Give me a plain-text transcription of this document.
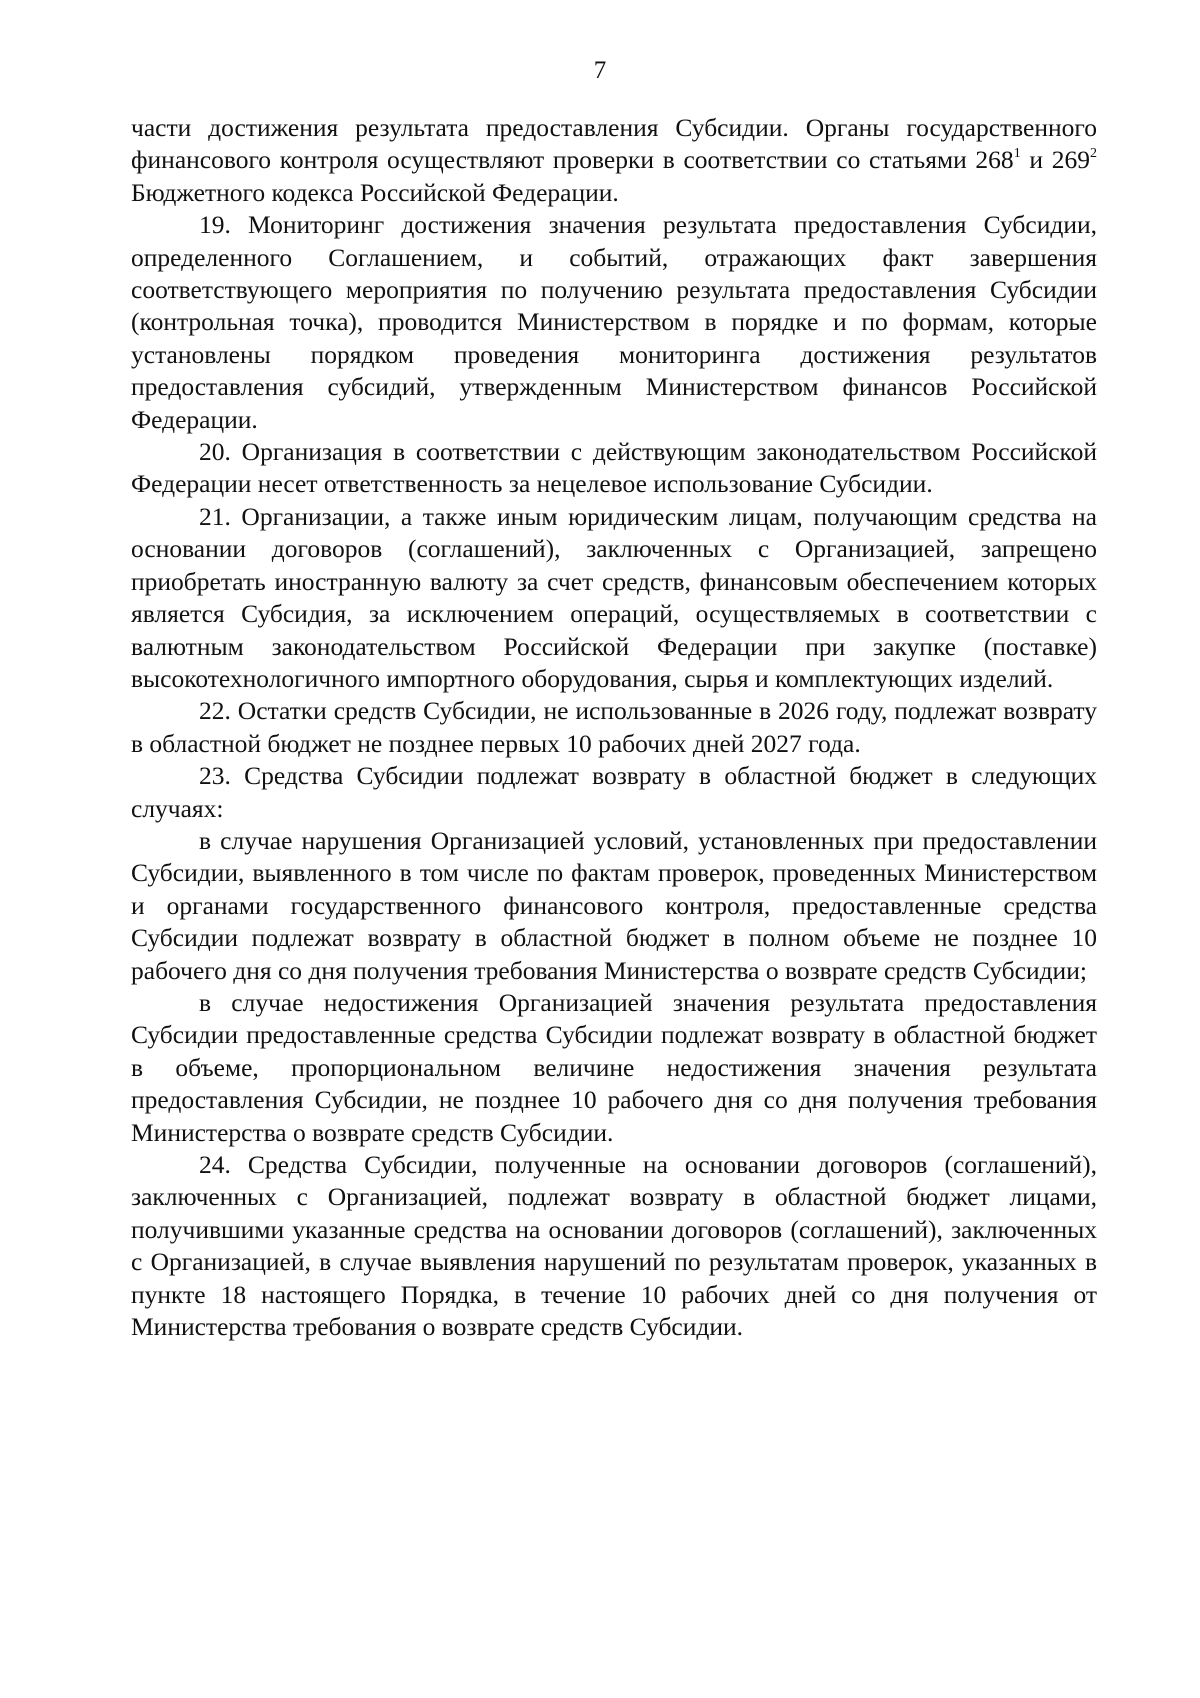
7

части достижения результата предоставления Субсидии. Органы государственного финансового контроля осуществляют проверки в соответствии со статьями $268^1$ и $269^2$ Бюджетного кодекса Российской Федерации.

19. Мониторинг достижения значения результата предоставления Субсидии, определенного Соглашением, и событий, отражающих факт завершения соответствующего мероприятия по получению результата предоставления Субсидии (контрольная точка), проводится Министерством в порядке и по формам, которые установлены порядком проведения мониторинга достижения результатов предоставления субсидий, утвержденным Министерством финансов Российской Федерации.

20. Организация в соответствии с действующим законодательством Российской Федерации несет ответственность за нецелевое использование Субсидии.

21. Организации, а также иным юридическим лицам, получающим средства на основании договоров (соглашений), заключенных с Организацией, запрещено приобретать иностранную валюту за счет средств, финансовым обеспечением которых является Субсидия, за исключением операций, осуществляемых в соответствии с валютным законодательством Российской Федерации при закупке (поставке) высокотехнологичного импортного оборудования, сырья и комплектующих изделий.

22. Остатки средств Субсидии, не использованные в 2026 году, подлежат возврату в областной бюджет не позднее первых 10 рабочих дней 2027 года.

23. Средства Субсидии подлежат возврату в областной бюджет в следующих случаях:

в случае нарушения Организацией условий, установленных при предоставлении Субсидии, выявленного в том числе по фактам проверок, проведенных Министерством и органами государственного финансового контроля, предоставленные средства Субсидии подлежат возврату в областной бюджет в полном объеме не позднее 10 рабочего дня со дня получения требования Министерства о возврате средств Субсидии;

в случае недостижения Организацией значения результата предоставления Субсидии предоставленные средства Субсидии подлежат возврату в областной бюджет в объеме, пропорциональном величине недостижения значения результата предоставления Субсидии, не позднее 10 рабочего дня со дня получения требования Министерства о возврате средств Субсидии.

24. Средства Субсидии, полученные на основании договоров (соглашений), заключенных с Организацией, подлежат возврату в областной бюджет лицами, получившими указанные средства на основании договоров (соглашений), заключенных с Организацией, в случае выявления нарушений по результатам проверок, указанных в пункте 18 настоящего Порядка, в течение 10 рабочих дней со дня получения от Министерства требования о возврате средств Субсидии.
